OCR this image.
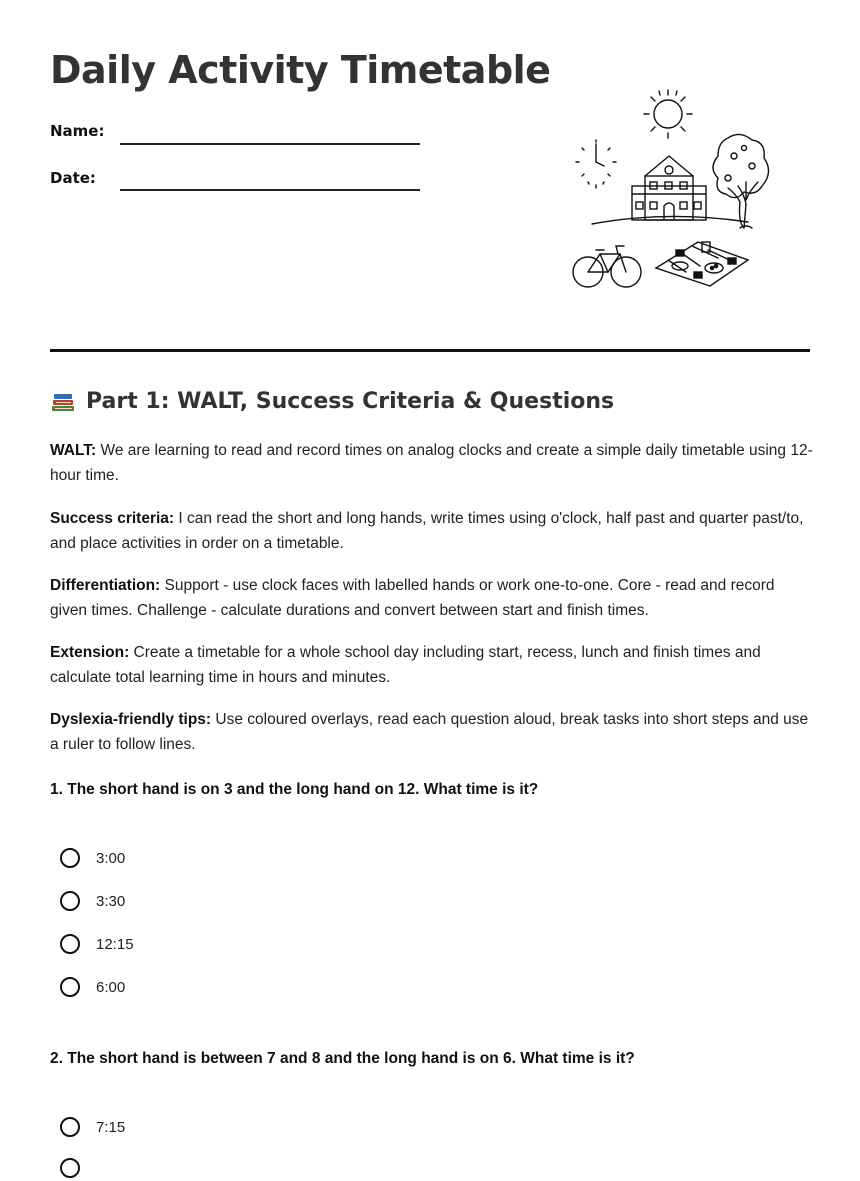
Daily Activity Timetable
Name:
Date:
Part 1: WALT, Success Criteria & Questions

WALT: We are learning to read and record times on analog clocks and create a simple daily timetable using 12-hour time.

Success criteria: I can read the short and long hands, write times using o'clock, half past and quarter past/to, and place activities in order on a timetable.

Differentiation: Support - use clock faces with labelled hands or work one-to-one. Core - read and record given times. Challenge - calculate durations and convert between start and finish times.

Extension: Create a timetable for a whole school day including start, recess, lunch and finish times and calculate total learning time in hours and minutes.

Dyslexia-friendly tips: Use coloured overlays, read each question aloud, break tasks into short steps and use a ruler to follow lines.

1. The short hand is on 3 and the long hand on 12. What time is it?

3:00
3:30
12:15
6:00

2. The short hand is between 7 and 8 and the long hand is on 6. What time is it?

7:15
